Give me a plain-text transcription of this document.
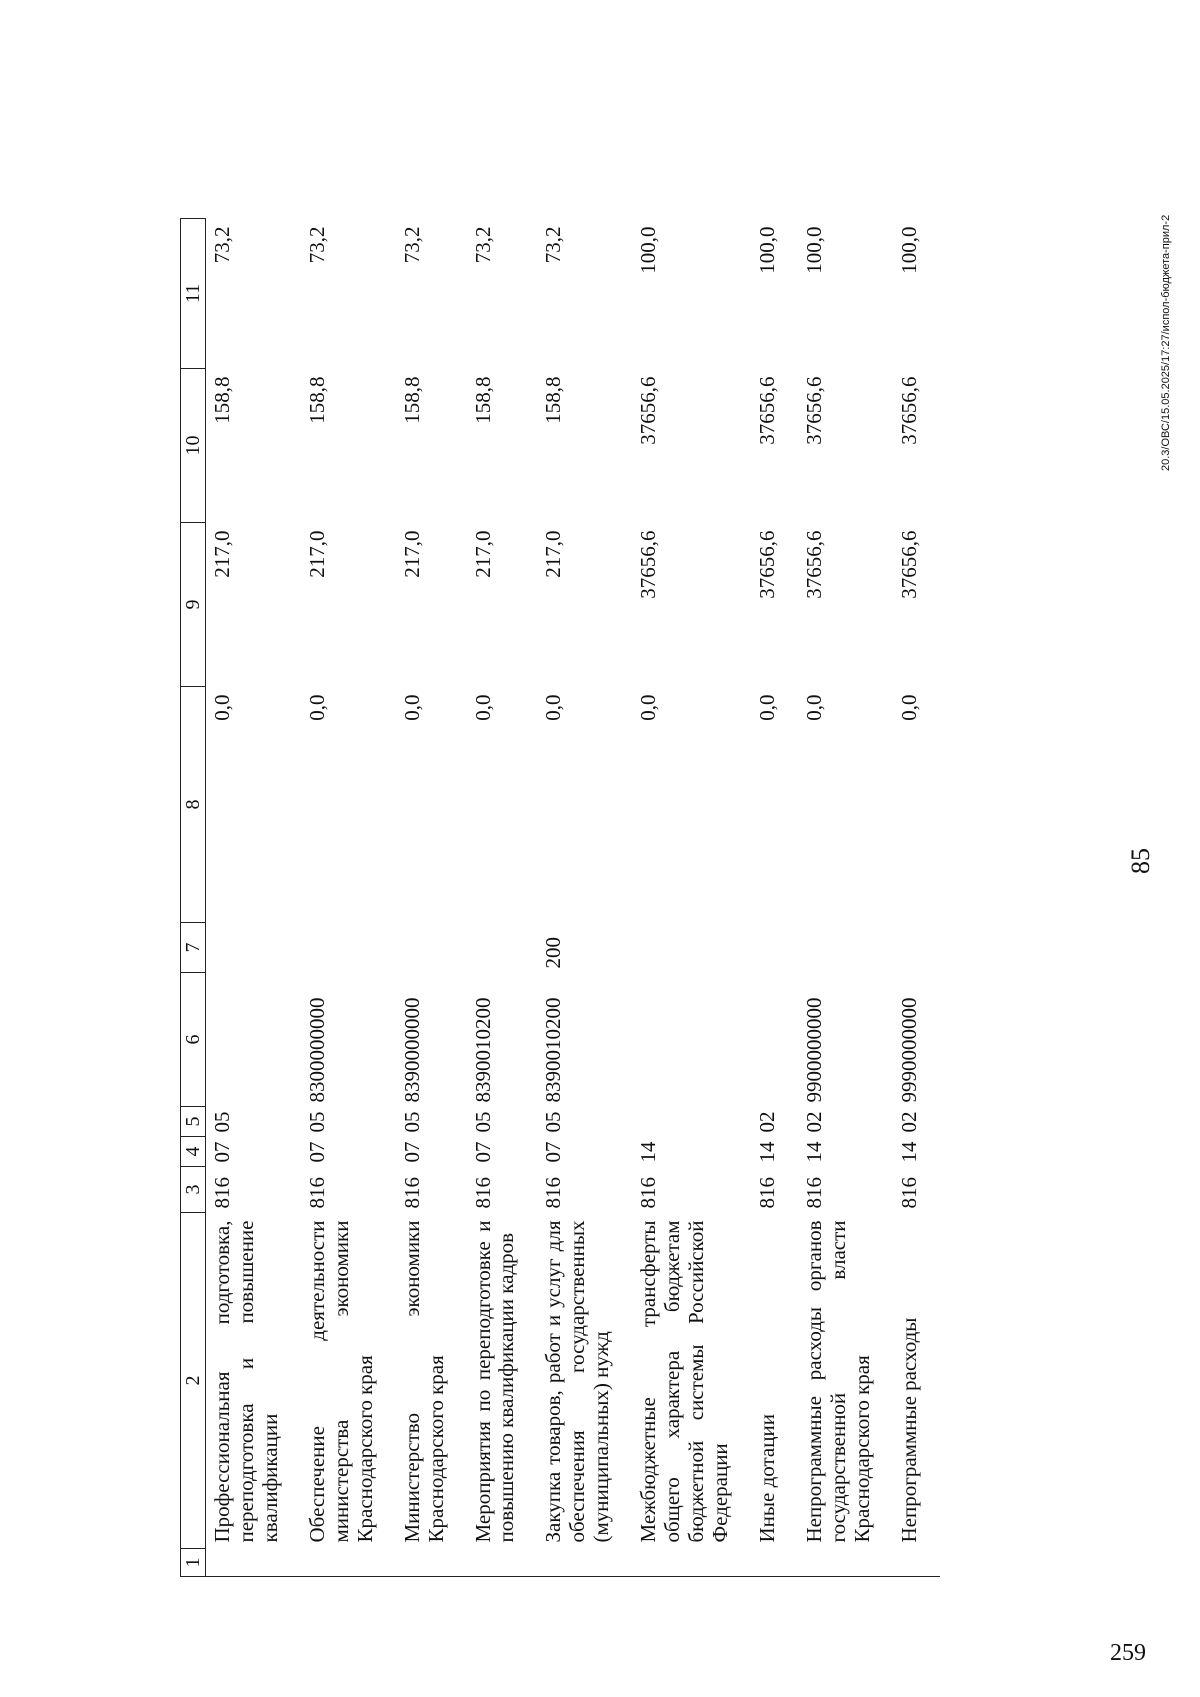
85
1	2	3	4	5	6	7	8	9	10	11
	Профессиональная подготовка, переподготовка и повышение квалификации	816	07	05			0,0	217,0	158,8	73,2
	Обеспечение деятельности министерства экономики Краснодарского края	816	07	05	8300000000		0,0	217,0	158,8	73,2
	Министерство экономики Краснодарского края	816	07	05	8390000000		0,0	217,0	158,8	73,2
	Мероприятия по переподготовке и повышению квалификации кадров	816	07	05	8390010200		0,0	217,0	158,8	73,2
	Закупка товаров, работ и услуг для обеспечения государственных (муниципальных) нужд	816	07	05	8390010200	200	0,0	217,0	158,8	73,2
	Межбюджетные трансферты общего характера бюджетам бюджетной системы Российской Федерации	816	14				0,0	37656,6	37656,6	100,0
	Иные дотации	816	14	02			0,0	37656,6	37656,6	100,0
	Непрограммные расходы органов государственной власти Краснодарского края	816	14	02	9900000000		0,0	37656,6	37656,6	100,0
	Непрограммные расходы	816	14	02	9990000000		0,0	37656,6	37656,6	100,0	20.3/ОВС/15.05.2025/17:27/испол-бюджета-прил-2
259
